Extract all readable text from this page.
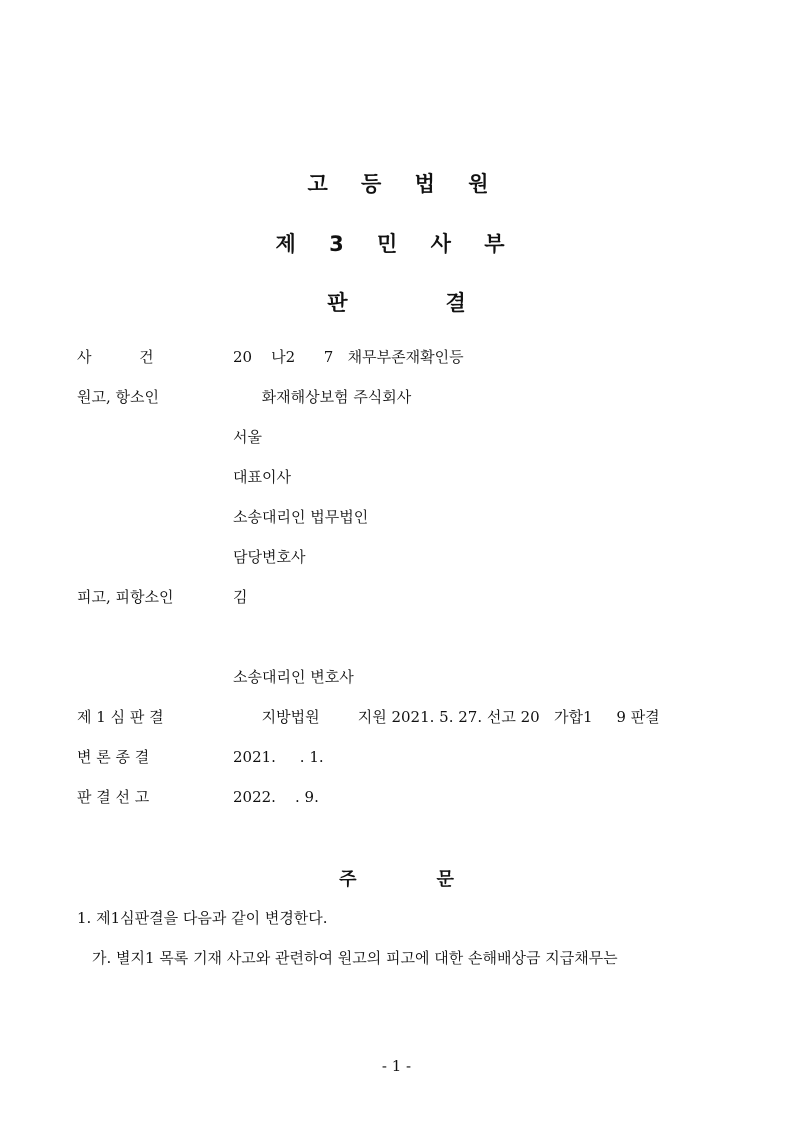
고 등 법 원
제 3 민 사 부
판	결
사          건	20    나2      7   채무부존재확인등
원고, 항소인	화재해상보험 주식회사
서울
대표이사
소송대리인 법무법인
담당변호사
피고, 피항소인	김
소송대리인 변호사
제 1 심 판 결	지방법원        지원 2021. 5. 27. 선고 20   가합1     9 판결
변 론 종 결	2021.     . 1.
판 결 선 고	2022.    . 9.
주	문
1. 제1심판결을 다음과 같이 변경한다.
가. 별지1 목록 기재 사고와 관련하여 원고의 피고에 대한 손해배상금 지급채무는
- 1 -
